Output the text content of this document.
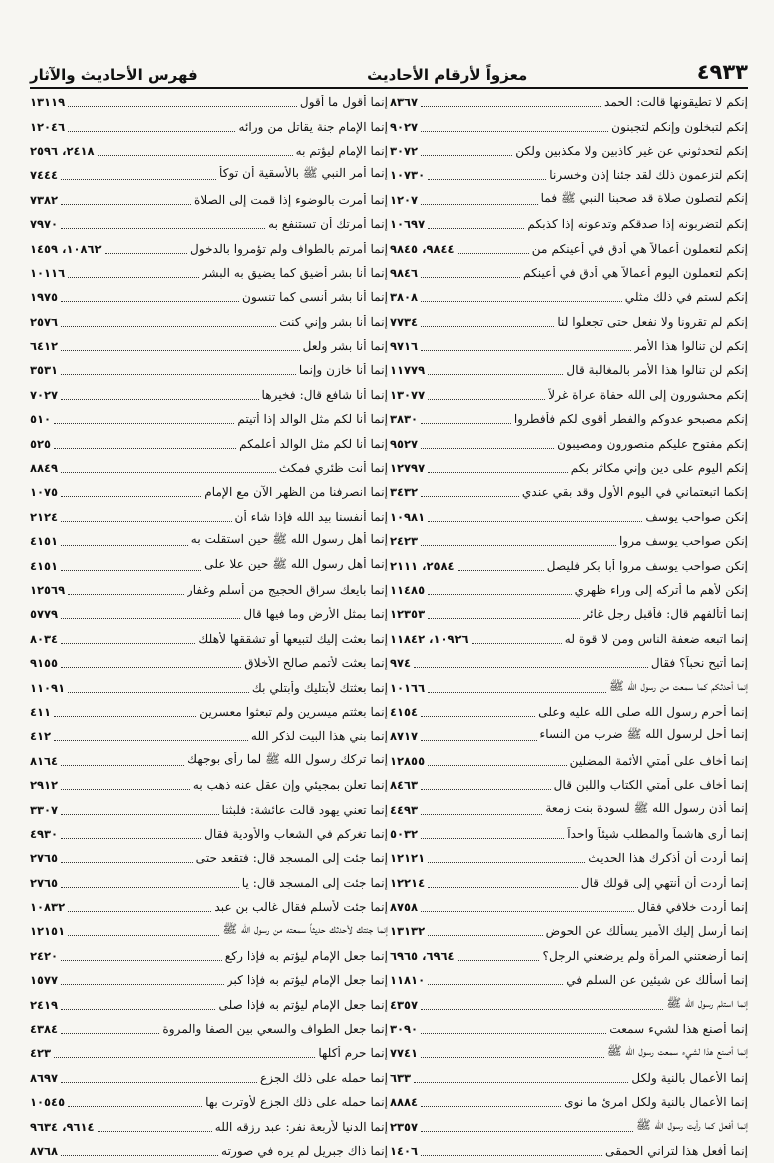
٤٩٣٣
معزواً لأرقام الأحاديث
فهرس الأحاديث والآثار
إنكم لا تطيقونها قالت: الحمد
٨٣٦٧
إنكم لتبخلون وإنكم لتجبنون
٩٠٢٧
إنكم لتحدثوني عن غير كاذبين ولا مكذبين ولكن
٣٠٧٢
إنكم لتزعمون ذلك لقد جئنا إذن وخسرنا
١٠٧٣٠
إنكم لتصلون صلاة قد صحبنا النبي ﷺ فما
١٢٠٧
إنكم لتضربونه إذا صدقكم وتدعونه إذا كذبكم
١٠٦٩٧
إنكم لتعملون أعمالاً هي أدق في أعينكم من
٩٨٤٤، ٩٨٤٥
إنكم لتعملون اليوم أعمالاً هي أدق في أعينكم
٩٨٤٦
إنكم لستم في ذلك مثلي
٣٨٠٨
إنكم لم تقرونا ولا نفعل حتى تجعلوا لنا
٧٧٣٤
إنكم لن تنالوا هذا الأمر
٩٧١٦
إنكم لن تنالوا هذا الأمر بالمغالبة قال
١١٧٧٩
إنكم محشورون إلى الله حفاة عراة غرلاً
١٣٠٧٧
إنكم مصبحو عدوكم والفطر أقوى لكم فأفطروا
٣٨٣٠
إنكم مفتوح عليكم منصورون ومصيبون
٩٥٢٧
إنكم اليوم على دين وإني مكاثر بكم
١٢٧٩٧
إنكما اتبعتماني في اليوم الأول وقد بقي عندي
٣٤٣٢
إنكن صواحب يوسف
١٠٩٨١
إنكن صواحب يوسف مروا
٢٤٢٣
إنكن صواحب يوسف مروا أبا بكر فليصل
٢٥٨٤، ٢١١١
إنكن لأهم ما أتركه إلى وراء ظهري
١١٤٨٥
إنما أتألفهم قال: فأقبل رجل غائر
١٢٣٥٣
إنما اتبعه ضعفة الناس ومن لا قوة له
١٠٩٢٦، ١١٨٤٢
إنما أتيح نحباً؟ فقال
٩٧٤
إنما أحدثكم كما سمعت من رسول الله ﷺ
١٠١٦٦
إنما أحرم رسول الله صلى الله عليه وعلى
٤١٥٤
إنما أحل لرسول الله ﷺ ضرب من النساء
٨٧١٧
إنما أخاف على أمتي الأئمة المضلين
١٢٨٥٥
إنما أخاف على أمتي الكتاب واللبن قال
٨٤٦٣
إنما أذن رسول الله ﷺ لسودة بنت زمعة
٤٤٩٣
إنما أرى هاشماً والمطلب شيئاً واحداً
٥٠٣٢
إنما أردت أن أذكرك هذا الحديث
١٢١٢١
إنما أردت أن أنتهي إلى قولك قال
١٢٢١٤
إنما أردت خلافي فقال
٨٧٥٨
إنما أرسل إليك الأمير يسألك عن الحوض
١٣١٣٢
إنما أرضعتني المرأة ولم يرضعني الرجل؟
٦٩٦٤، ٦٩٦٥
إنما أسألك عن شيئين عن السلم في
١١٨١٠
إنما استلم رسول الله ﷺ
٤٣٥٧
إنما أصنع هذا لشيء سمعت
٣٠٩٠
إنما أصنع هذا لشيء سمعت رسول الله ﷺ
٧٧٤١
إنما الأعمال بالنية ولكل
٦٣٣
إنما الأعمال بالنية ولكل امرئ ما نوى
٨٨٨٤
إنما أفعل كما رأيت رسول الله ﷺ
٢٣٥٧
إنما أفعل هذا لتراني الحمقى
١٤٠٦
إنما أقول ما أقول
١٣١١٩
إنما الإمام جنة يقاتل من ورائه
١٢٠٤٦
إنما الإمام ليؤتم به
٢٤١٨، ٢٥٩٦
إنما أمر النبي ﷺ بالأسقية أن توكأ
٧٤٤٤
إنما أمرت بالوضوء إذا قمت إلى الصلاة
٧٣٨٢
إنما أمرتك أن تستنفع به
٧٩٧٠
إنما أمرتم بالطواف ولم تؤمروا بالدخول
١٠٨٦٢، ١٤٥٩
إنما أنا بشر أضيق كما يضيق به البشر
١٠١١٦
إنما أنا بشر أنسى كما تنسون
١٩٧٥
إنما أنا بشر وإني كنت
٢٥٧٦
إنما أنا بشر ولعل
٦٤١٢
إنما أنا خازن وإنما
٣٥٣١
إنما أنا شافع قال: فخيرها
٧٠٢٧
إنما أنا لكم مثل الوالد إذا أتيتم
٥١٠
إنما أنا لكم مثل الوالد أعلمكم
٥٢٥
إنما أنت ظئري فمكث
٨٨٤٩
إنما انصرفنا من الظهر الآن مع الإمام
١٠٧٥
إنما أنفسنا بيد الله فإذا شاء أن
٢١٢٤
إنما أهل رسول الله ﷺ حين استقلت به
٤١٥١
إنما أهل رسول الله ﷺ حين علا على
٤١٥١
إنما بايعك سراق الحجيج من أسلم وغفار
١٢٥٦٩
إنما بمثل الأرض وما فيها قال
٥٧٧٩
إنما بعثت إليك لتبيعها أو تشققها لأهلك
٨٠٣٤
إنما بعثت لأتمم صالح الأخلاق
٩١٥٥
إنما بعثتك لأبتليك وأبتلي بك
١١٠٩١
إنما بعثتم ميسرين ولم تبعثوا معسرين
٤١١
إنما بني هذا البيت لذكر الله
٤١٢
إنما تركك رسول الله ﷺ لما رأى بوجهك
٨١٦٤
إنما تعلن بمجيئي وإن عقل عنه ذهب به
٢٩١٢
إنما تعني يهود قالت عائشة: فلبثنا
٣٣٠٧
إنما تغركم في الشعاب والأودية فقال
٤٩٣٠
إنما جئت إلى المسجد قال: فتقعد حتى
٢٧٦٥
إنما جئت إلى المسجد قال: يا
٢٧٦٥
إنما جئت لأسلم فقال غالب بن عبد
١٠٨٣٢
إنما جئتك لأحدثك حديثاً سمعته من رسول الله ﷺ
١٢١٥١
إنما جعل الإمام ليؤتم به فإذا ركع
٢٤٢٠
إنما جعل الإمام ليؤتم به فإذا كبر
١٥٧٧
إنما جعل الإمام ليؤتم به فإذا صلى
٢٤١٩
إنما جعل الطواف والسعي بين الصفا والمروة
٤٣٨٤
إنما حرم أكلها
٤٢٣
إنما حمله على ذلك الجزع
٨٦٩٧
إنما حمله على ذلك الجزع لأوترت بها
١٠٥٤٥
إنما الدنيا لأربعة نفر: عبد رزقه الله
٩٦١٤، ٩٦٣٤
إنما ذاك جبريل لم يره في صورته
٨٧٦٨
